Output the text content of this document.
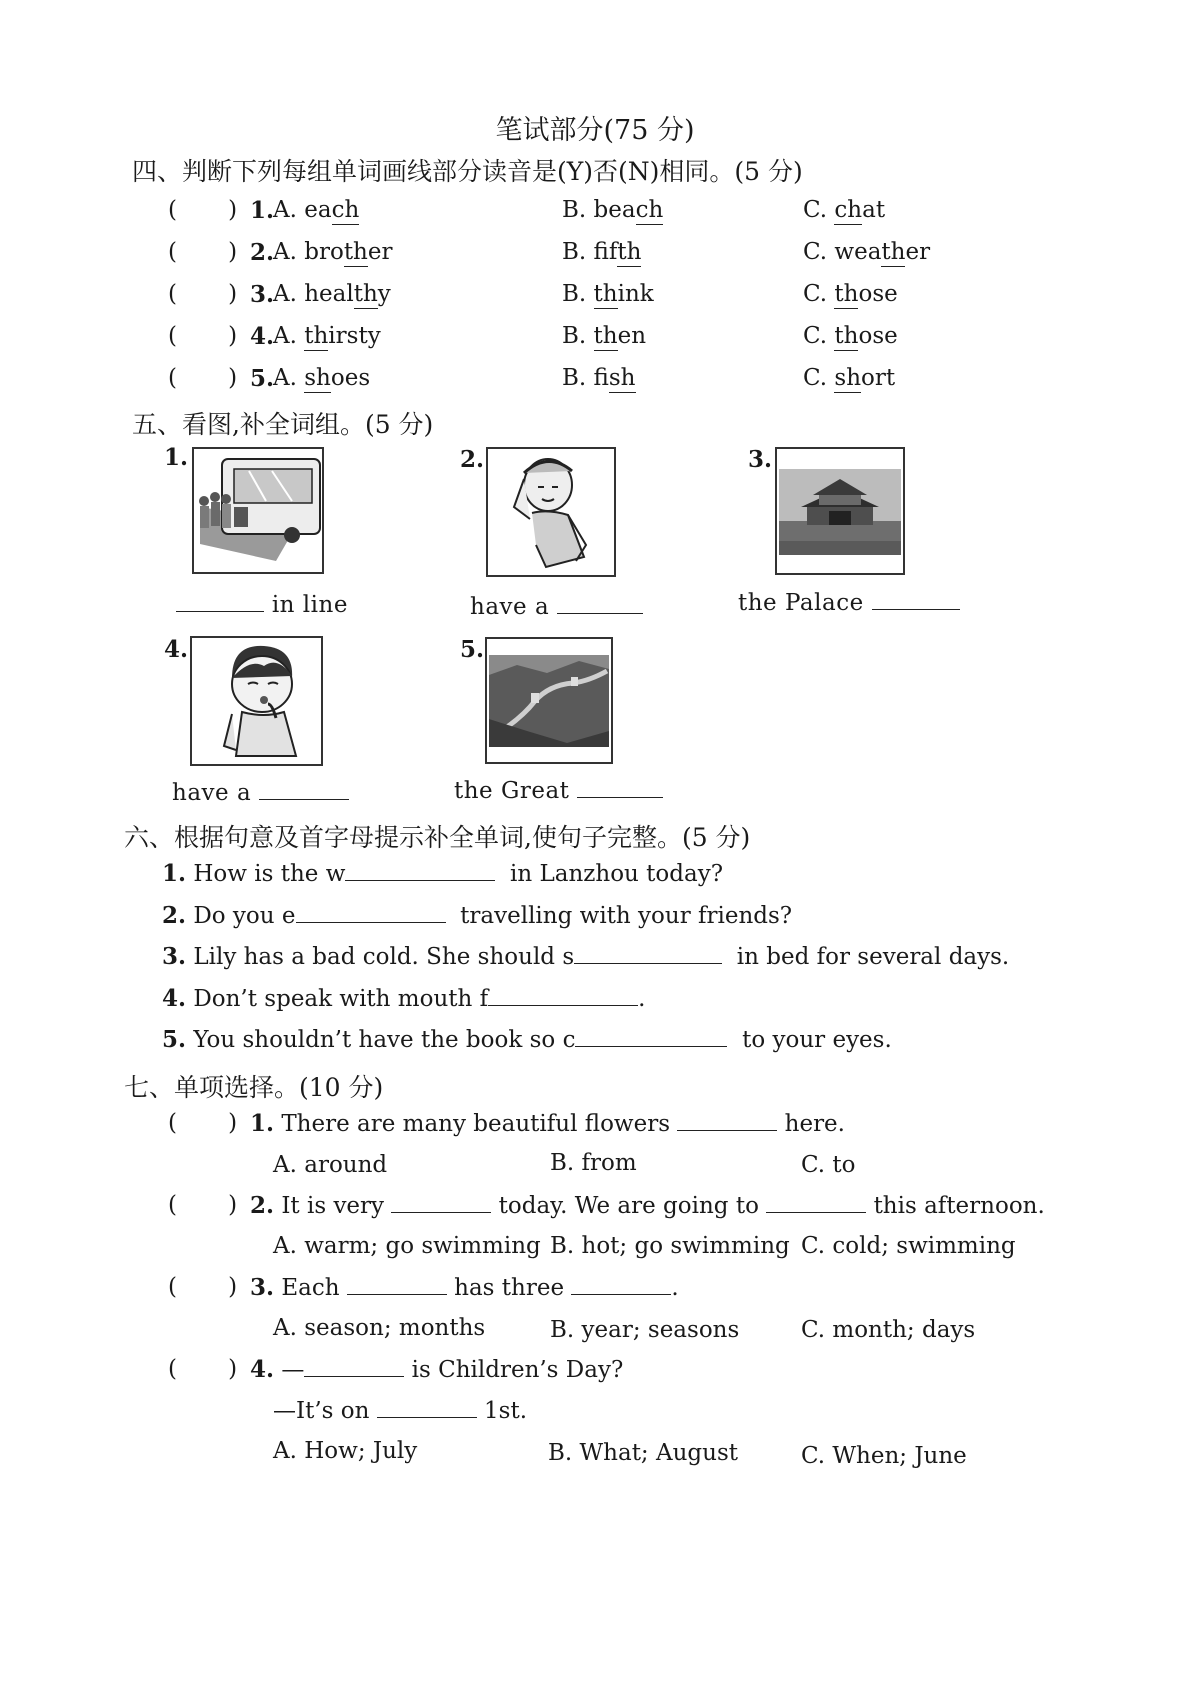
笔试部分(75 分)
四、判断下列每组单词画线部分读音是(Y)否(N)相同。(5 分)
(       ) 1.
A. each	B. beach	C. chat
(       ) 2.
A. brother	B. fifth	C. weather
(       ) 3.
A. healthy	B. think	C. those
(       ) 4.
A. thirsty	B. then	C. those
(       ) 5.
A. shoes	B. fish	C. short
五、看图,补全词组。(5 分)
1.
in line
2.
have a
3.
the Palace
4.
have a
5.
the Great
六、根据句意及首字母提示补全单词,使句子完整。(5 分)
1. How is the w	in Lanzhou today?
2. Do you e	travelling with your friends?
3. Lily has a bad cold. She should s	in bed for several days.
4. Don’t speak with mouth f	.
5. You shouldn’t have the book so c	to your eyes.
七、单项选择。(10 分)
(       ) 1. There are many beautiful flowers	here.
A. around	B. from	C. to
(       ) 2. It is very	today. We are going to	this afternoon.
A. warm; go swimming B. hot; go swimming C. cold; swimming
(       ) 3. Each	has three	.
A. season; months	B. year; seasons	C. month; days
(       ) 4. —	is Children’s Day?
—It’s on	1st.
A. How; July	B. What; August	C. When; June
